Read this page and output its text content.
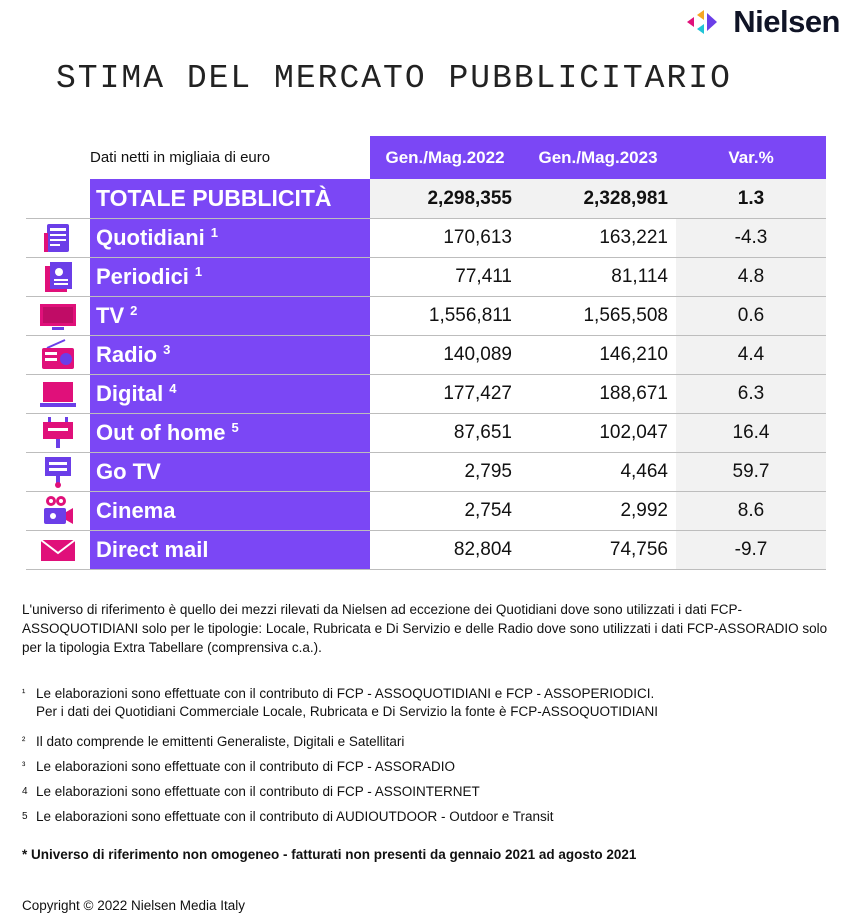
Nielsen
STIMA DEL MERCATO PUBBLICITARIO
Dati netti in migliaia di euro	Gen./Mag.2022	Gen./Mag.2023	Var.%
TOTALE PUBBLICITÀ	2,298,355	2,328,981	1.3
Quotidiani $^1$	170,613	163,221	-4.3
Periodici $^1$	77,411	81,114	4.8
TV $^2$	1,556,811	1,565,508	0.6
Radio $^3$	140,089	146,210	4.4
Digital $^4$	177,427	188,671	6.3
Out of home $^5$	87,651	102,047	16.4
Go TV	2,795	4,464	59.7
Cinema	2,754	2,992	8.6
Direct mail	82,804	74,756	-9.7
L'universo di riferimento è quello dei mezzi rilevati da Nielsen ad eccezione dei Quotidiani dove sono utilizzati i dati FCP-ASSOQUOTIDIANI solo per le tipologie: Locale, Rubricata e Di Servizio e delle Radio dove sono utilizzati i dati FCP-ASSORADIO solo per la tipologia Extra Tabellare (comprensiva c.a.).
¹ Le elaborazioni sono effettuate con il contributo di FCP - ASSOQUOTIDIANI e FCP - ASSOPERIODICI.
Per i dati dei Quotidiani Commerciale Locale, Rubricata e Di Servizio la fonte è FCP-ASSOQUOTIDIANI
² Il dato comprende le emittenti Generaliste, Digitali e Satellitari
³ Le elaborazioni sono effettuate con il contributo di FCP - ASSORADIO
4 Le elaborazioni sono effettuate con il contributo di FCP - ASSOINTERNET
5 Le elaborazioni sono effettuate con il contributo di AUDIOUTDOOR - Outdoor e Transit
* Universo di riferimento non omogeneo - fatturati non presenti da gennaio 2021 ad agosto 2021
Copyright © 2022 Nielsen Media Italy
